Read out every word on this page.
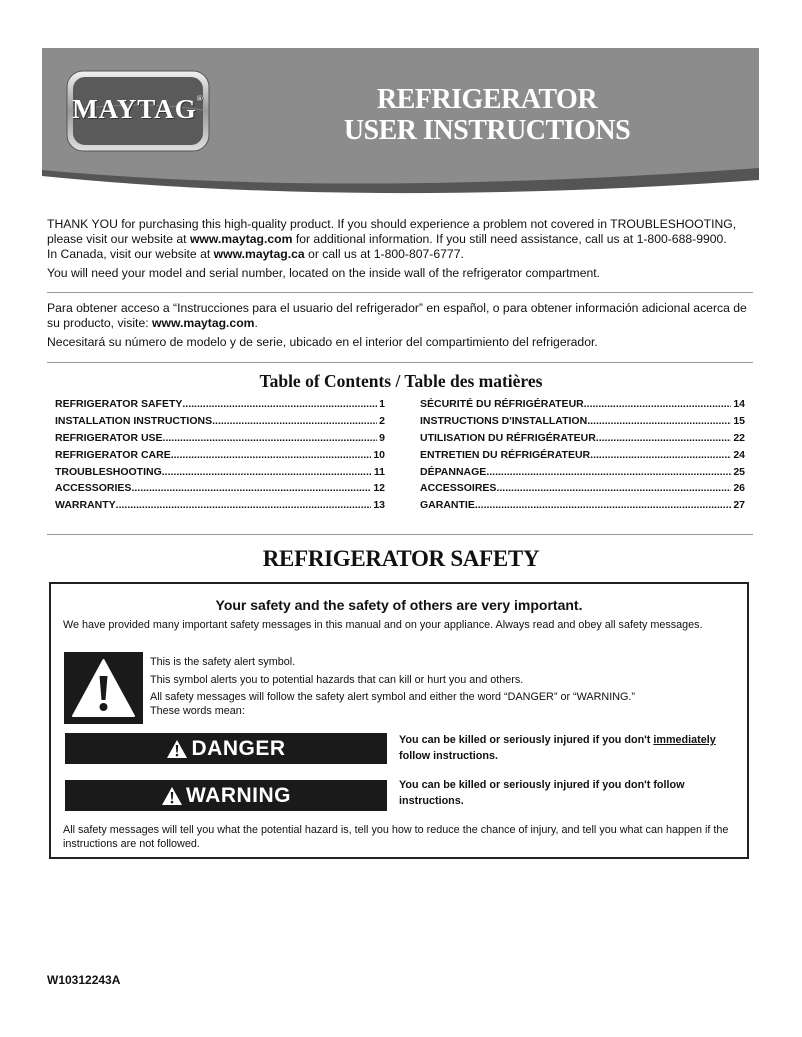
MAYTAG®	REFRIGERATOR
USER INSTRUCTIONS

THANK YOU for purchasing this high-quality product. If you should experience a problem not covered in TROUBLESHOOTING, please visit our website at www.maytag.com for additional information. If you still need assistance, call us at 1-800-688-9900.
In Canada, visit our website at www.maytag.ca or call us at 1-800-807-6777.

You will need your model and serial number, located on the inside wall of the refrigerator compartment.

Para obtener acceso a “Instrucciones para el usuario del refrigerador” en español, o para obtener información adicional acerca de su producto, visite: www.maytag.com.

Necesitará su número de modelo y de serie, ubicado en el interior del compartimiento del refrigerador.

Table of Contents / Table des matières
REFRIGERATOR SAFETY .....	1
INSTALLATION INSTRUCTIONS .....	2
REFRIGERATOR USE .....	9
REFRIGERATOR CARE .....	10
TROUBLESHOOTING .....	11
ACCESSORIES .....	12
WARRANTY .....	13
SÉCURITÉ DU RÉFRIGÉRATEUR .....	14
INSTRUCTIONS D'INSTALLATION .....	15
UTILISATION DU RÉFRIGÉRATEUR .....	22
ENTRETIEN DU RÉFRIGÉRATEUR .....	24
DÉPANNAGE .....	25
ACCESSOIRES .....	26
GARANTIE .....	27
REFRIGERATOR SAFETY
Your safety and the safety of others are very important.
We have provided many important safety messages in this manual and on your appliance. Always read and obey all safety messages.

This is the safety alert symbol.

This symbol alerts you to potential hazards that can kill or hurt you and others.

All safety messages will follow the safety alert symbol and either the word “DANGER” or “WARNING.”

These words mean:

DANGER	You can be killed or seriously injured if you don't immediately
follow instructions.
WARNING	You can be killed or seriously injured if you don't follow instructions.
All safety messages will tell you what the potential hazard is, tell you how to reduce the chance of injury, and tell you what can happen if the instructions are not followed.
W10312243A
